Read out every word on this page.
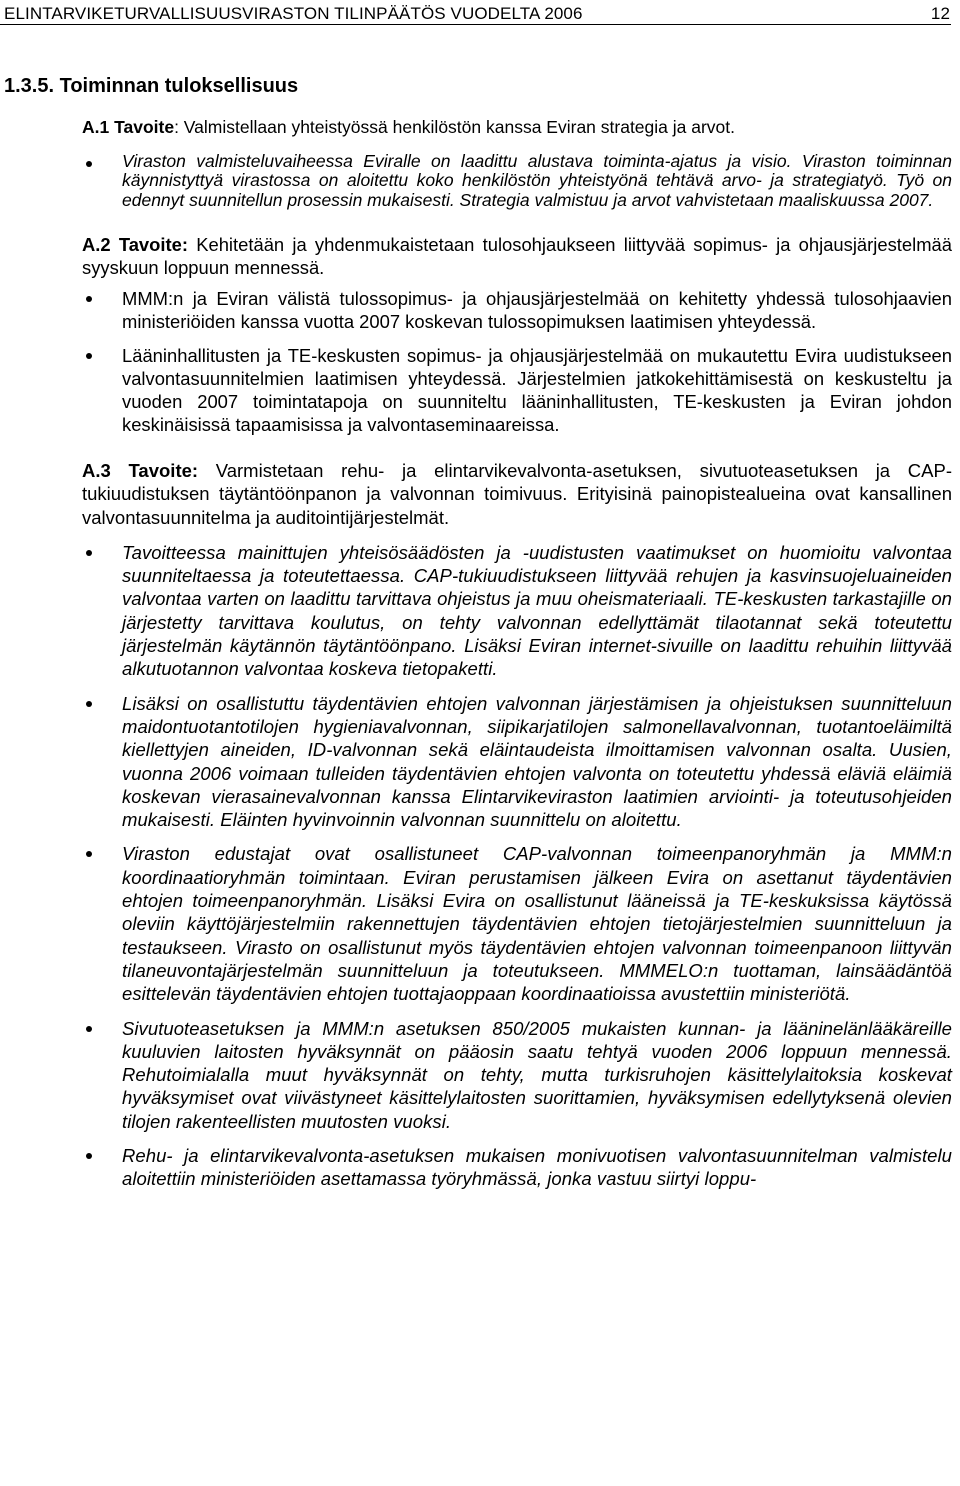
ELINTARVIKETURVALLISUUSVIRASTON TILINPÄÄTÖS VUODELTA 2006	12
1.3.5. Toiminnan tuloksellisuus

A.1 Tavoite: Valmistellaan yhteistyössä henkilöstön kanssa Eviran strategia ja arvot.

Viraston valmisteluvaiheessa Eviralle on laadittu alustava toiminta-ajatus ja visio. Viraston toiminnan käynnistyttyä virastossa on aloitettu koko henkilöstön yhteistyönä tehtävä arvo- ja strategiatyö. Työ on edennyt suunnitellun prosessin mukaisesti. Strategia valmistuu ja arvot vahvistetaan maaliskuussa 2007.

A.2 Tavoite: Kehitetään ja yhdenmukaistetaan tulosohjaukseen liittyvää sopimus- ja ohjausjärjestelmää syyskuun loppuun mennessä.

MMM:n ja Eviran välistä tulossopimus- ja ohjausjärjestelmää on kehitetty yhdessä tulosohjaavien ministeriöiden kanssa vuotta 2007 koskevan tulossopimuksen laatimisen yhteydessä.
Lääninhallitusten ja TE-keskusten sopimus- ja ohjausjärjestelmää on mukautettu Evira uudistukseen valvontasuunnitelmien laatimisen yhteydessä. Järjestelmien jatkokehittämisestä on keskusteltu ja vuoden 2007 toimintatapoja on suunniteltu lääninhallitusten, TE-keskusten ja Eviran johdon keskinäisissä tapaamisissa ja valvontaseminaareissa.

A.3 Tavoite: Varmistetaan rehu- ja elintarvikevalvonta-asetuksen, sivutuoteasetuksen ja CAP-tukiuudistuksen täytäntöönpanon ja valvonnan toimivuus. Erityisinä painopistealueina ovat kansallinen valvontasuunnitelma ja auditointijärjestelmät.

Tavoitteessa mainittujen yhteisösäädösten ja -uudistusten vaatimukset on huomioitu valvontaa suunniteltaessa ja toteutettaessa. CAP-tukiuudistukseen liittyvää rehujen ja kasvinsuojeluaineiden valvontaa varten on laadittu tarvittava ohjeistus ja muu oheismateriaali. TE-keskusten tarkastajille on järjestetty tarvittava koulutus, on tehty valvonnan edellyttämät tilaotannat sekä toteutettu järjestelmän käytännön täytäntöönpano. Lisäksi Eviran internet-sivuille on laadittu rehuihin liittyvää alkutuotannon valvontaa koskeva tietopaketti.
Lisäksi on osallistuttu täydentävien ehtojen valvonnan järjestämisen ja ohjeistuksen suunnitteluun maidontuotantotilojen hygieniavalvonnan, siipikarjatilojen salmonellavalvonnan, tuotantoeläimiltä kiellettyjen aineiden, ID-valvonnan sekä eläintaudeista ilmoittamisen valvonnan osalta. Uusien, vuonna 2006 voimaan tulleiden täydentävien ehtojen valvonta on toteutettu yhdessä eläviä eläimiä koskevan vierasainevalvonnan kanssa Elintarvikeviraston laatimien arviointi- ja toteutusohjeiden mukaisesti. Eläinten hyvinvoinnin valvonnan suunnittelu on aloitettu.
Viraston edustajat ovat osallistuneet CAP-valvonnan toimeenpanoryhmän ja MMM:n koordinaatioryhmän toimintaan. Eviran perustamisen jälkeen Evira on asettanut täydentävien ehtojen toimeenpanoryhmän. Lisäksi Evira on osallistunut lääneissä ja TE-keskuksissa käytössä oleviin käyttöjärjestelmiin rakennettujen täydentävien ehtojen tietojärjestelmien suunnitteluun ja testaukseen. Virasto on osallistunut myös täydentävien ehtojen valvonnan toimeenpanoon liittyvän tilaneuvontajärjestelmän suunnitteluun ja toteutukseen. MMMELO:n tuottaman, lainsäädäntöä esittelevän täydentävien ehtojen tuottajaoppaan koordinaatioissa avustettiin ministeriötä.
Sivutuoteasetuksen ja MMM:n asetuksen 850/2005 mukaisten kunnan- ja lääninelänlääkäreille kuuluvien laitosten hyväksynnät on pääosin saatu tehtyä vuoden 2006 loppuun mennessä. Rehutoimialalla muut hyväksynnät on tehty, mutta turkisruhojen käsittelylaitoksia koskevat hyväksymiset ovat viivästyneet käsittelylaitosten suorittamien, hyväksymisen edellytyksenä olevien tilojen rakenteellisten muutosten vuoksi.
Rehu- ja elintarvikevalvonta-asetuksen mukaisen monivuotisen valvontasuunnitelman valmistelu aloitettiin ministeriöiden asettamassa työryhmässä, jonka vastuu siirtyi loppu-
